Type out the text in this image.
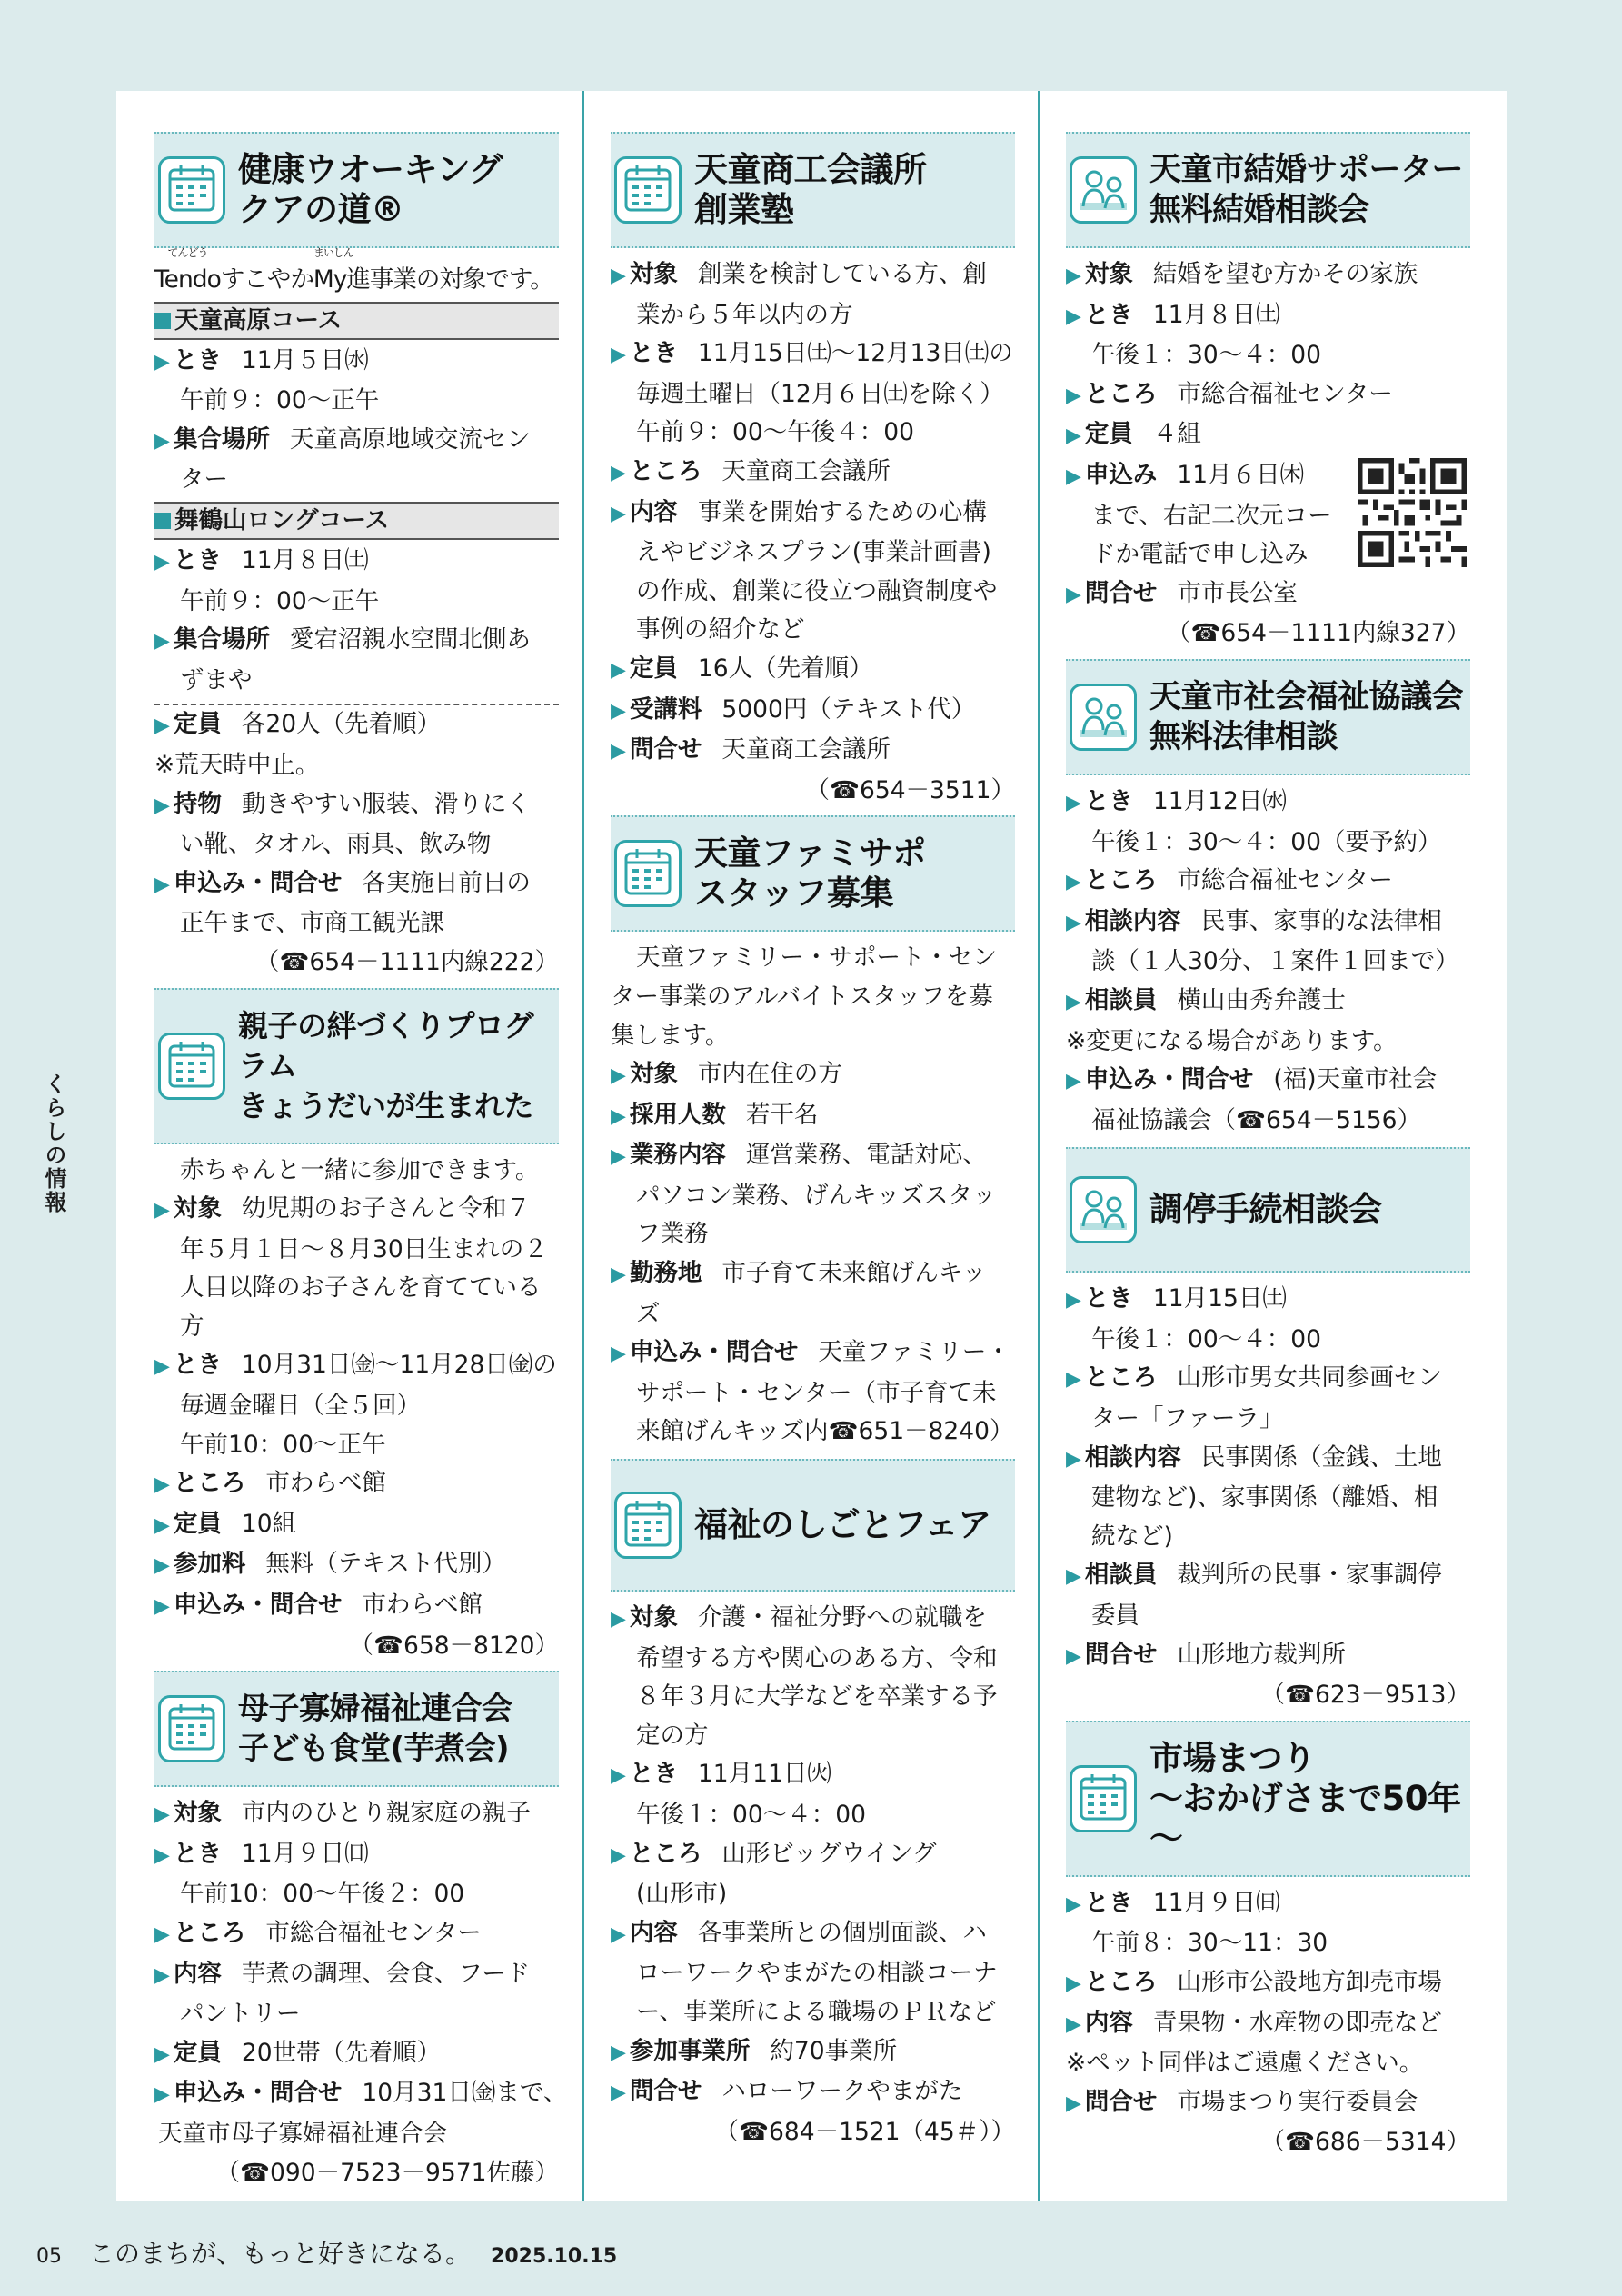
くらしの情報
健康ウオーキング
クアの道®
てんどう
Tendoすこやか
まいしん
My進事業の対象です。
天童高原コース

▶ とき 11月５日㈬

午前９：00～正午

▶ 集合場所 天童高原地域交流セン

ター

舞鶴山ロングコース

▶ とき 11月８日㈯

午前９：00～正午

▶ 集合場所 愛宕沼親水空間北側あ

ずまや

▶ 定員 各20人（先着順）

※荒天時中止。

▶ 持物 動きやすい服装、滑りにく

い靴、タオル、雨具、飲み物

▶ 申込み・問合せ 各実施日前日の

正午まで、市商工観光課

（☎654－1111内線222）

親子の絆づくりプログラム
きょうだいが生まれた

赤ちゃんと一緒に参加できます。

▶ 対象 幼児期のお子さんと令和７

年５月１日～８月30日生まれの２

人目以降のお子さんを育てている

方

▶ とき 10月31日㈮～11月28日㈮の

毎週金曜日（全５回）

午前10：00～正午

▶ ところ 市わらべ館

▶ 定員 10組

▶ 参加料 無料（テキスト代別）

▶ 申込み・問合せ 市わらべ館

（☎658－8120）

母子寡婦福祉連合会
子ども食堂(芋煮会)

▶ 対象 市内のひとり親家庭の親子

▶ とき 11月９日㈰

午前10：00～午後２：00

▶ ところ 市総合福祉センター

▶ 内容 芋煮の調理、会食、フード

パントリー

▶ 定員 20世帯（先着順）

▶ 申込み・問合せ 10月31日㈮まで、

天童市母子寡婦福祉連合会

（☎090－7523－9571佐藤）

天童商工会議所
創業塾

▶ 対象 創業を検討している方、創

業から５年以内の方

▶ とき 11月15日㈯～12月13日㈯の

毎週土曜日（12月６日㈯を除く）

午前９：00～午後４：00

▶ ところ 天童商工会議所

▶ 内容 事業を開始するための心構

えやビジネスプラン(事業計画書)

の作成、創業に役立つ融資制度や

事例の紹介など

▶ 定員 16人（先着順）

▶ 受講料 5000円（テキスト代）

▶ 問合せ 天童商工会議所

（☎654－3511）

天童ファミサポ
スタッフ募集

天童ファミリー・サポート・セン

ター事業のアルバイトスタッフを募

集します。

▶ 対象 市内在住の方

▶ 採用人数 若干名

▶ 業務内容 運営業務、電話対応、

パソコン業務、げんキッズスタッ

フ業務

▶ 勤務地 市子育て未来館げんキッ

ズ

▶ 申込み・問合せ 天童ファミリー・

サポート・センター（市子育て未

来館げんキッズ内☎651－8240）

福祉のしごとフェア

▶ 対象 介護・福祉分野への就職を

希望する方や関心のある方、令和

８年３月に大学などを卒業する予

定の方

▶ とき 11月11日㈫

午後１：00～４：00

▶ ところ 山形ビッグウイング

(山形市)

▶ 内容 各事業所との個別面談、ハ

ローワークやまがたの相談コーナ

ー、事業所による職場のＰＲなど

▶ 参加事業所 約70事業所

▶ 問合せ ハローワークやまがた

（☎684－1521（45＃））

天童市結婚サポーター
無料結婚相談会

▶ 対象 結婚を望む方かその家族

▶ とき 11月８日㈯

午後１：30～４：00

▶ ところ 市総合福祉センター

▶ 定員 ４組

▶ 申込み 11月６日㈭

まで、右記二次元コー

ドか電話で申し込み

▶ 問合せ 市市長公室

（☎654－1111内線327）

天童市社会福祉協議会
無料法律相談

▶ とき 11月12日㈬

午後１：30～４：00（要予約）

▶ ところ 市総合福祉センター

▶ 相談内容 民事、家事的な法律相

談（１人30分、１案件１回まで）

▶ 相談員 横山由秀弁護士

※変更になる場合があります。

▶ 申込み・問合せ (福)天童市社会

福祉協議会（☎654－5156）

調停手続相談会

▶ とき 11月15日㈯

午後１：00～４：00

▶ ところ 山形市男女共同参画セン

ター「ファーラ」

▶ 相談内容 民事関係（金銭、土地

建物など)、家事関係（離婚、相

続など)

▶ 相談員 裁判所の民事・家事調停

委員

▶ 問合せ 山形地方裁判所

（☎623－9513）

市場まつり
～おかげさまで50年～

▶ とき 11月９日㈰

午前８：30～11：30

▶ ところ 山形市公設地方卸売市場

▶ 内容 青果物・水産物の即売など

※ペット同伴はご遠慮ください。

▶ 問合せ 市場まつり実行委員会

（☎686－5314）

05 このまちが、もっと好きになる。 2025.10.15
